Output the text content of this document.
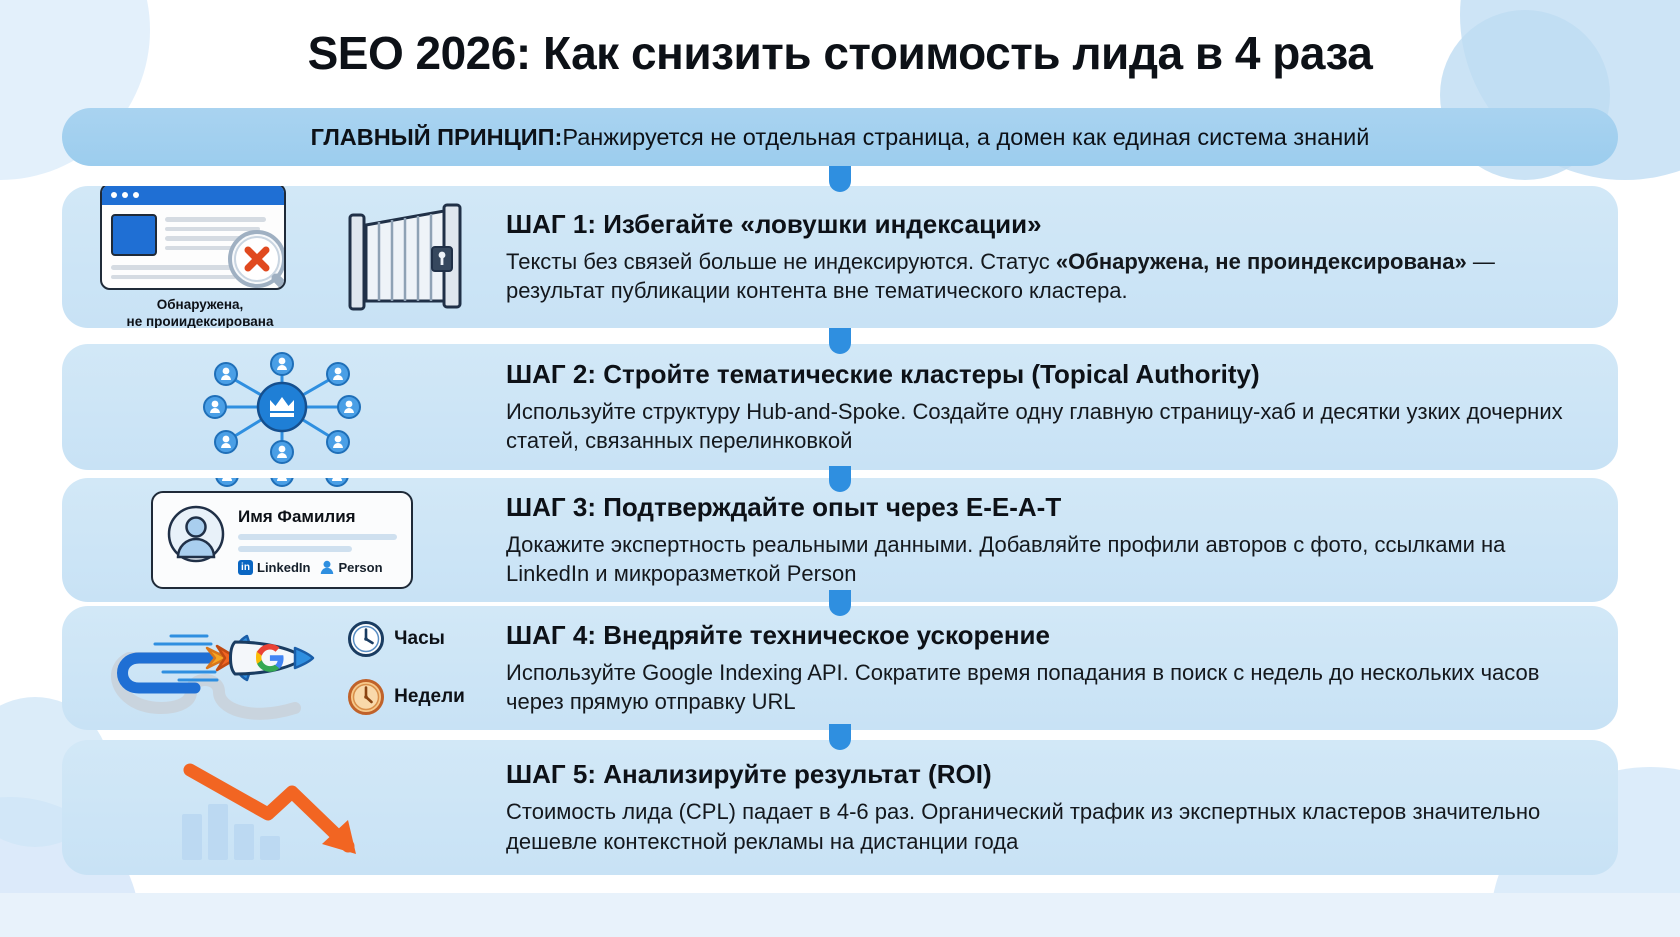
SEO 2026: Как снизить стоимость лида в 4 раза
ГЛАВНЫЙ ПРИНЦИП: Ранжируется не отдельная страница, а домен как единая система знаний
Обнаружена,
не проиидексирована
ШАГ 1: Избегайте «ловушки индексации»
Тексты без связей больше не индексируются. Статус «Обнаружена, не проиндексирована» — результат публикации контента вне тематического кластера.
ШАГ 2: Стройте тематические кластеры (Topical Authority)
Используйте структуру Hub-and-Spoke. Создайте одну главную страницу-хаб и десятки узких дочерних статей, связанных перелинковкой
Имя Фамилия
in
LinkedIn Person
ШАГ 3: Подтверждайте опыт через E-E-A-T
Докажите экспертность реальными данными. Добавляйте профили авторов с фото, ссылками на LinkedIn и микроразметкой Person
Часы
Недели
ШАГ 4: Внедряйте техническое ускорение
Используйте Google Indexing API. Сократите время попадания в поиск с недель до нескольких часов через прямую отправку URL
ШАГ 5: Анализируйте результат (ROI)
Стоимость лида (CPL) падает в 4-6 раз. Органический трафик из экспертных кластеров значительно дешевле контекстной рекламы на дистанции года
